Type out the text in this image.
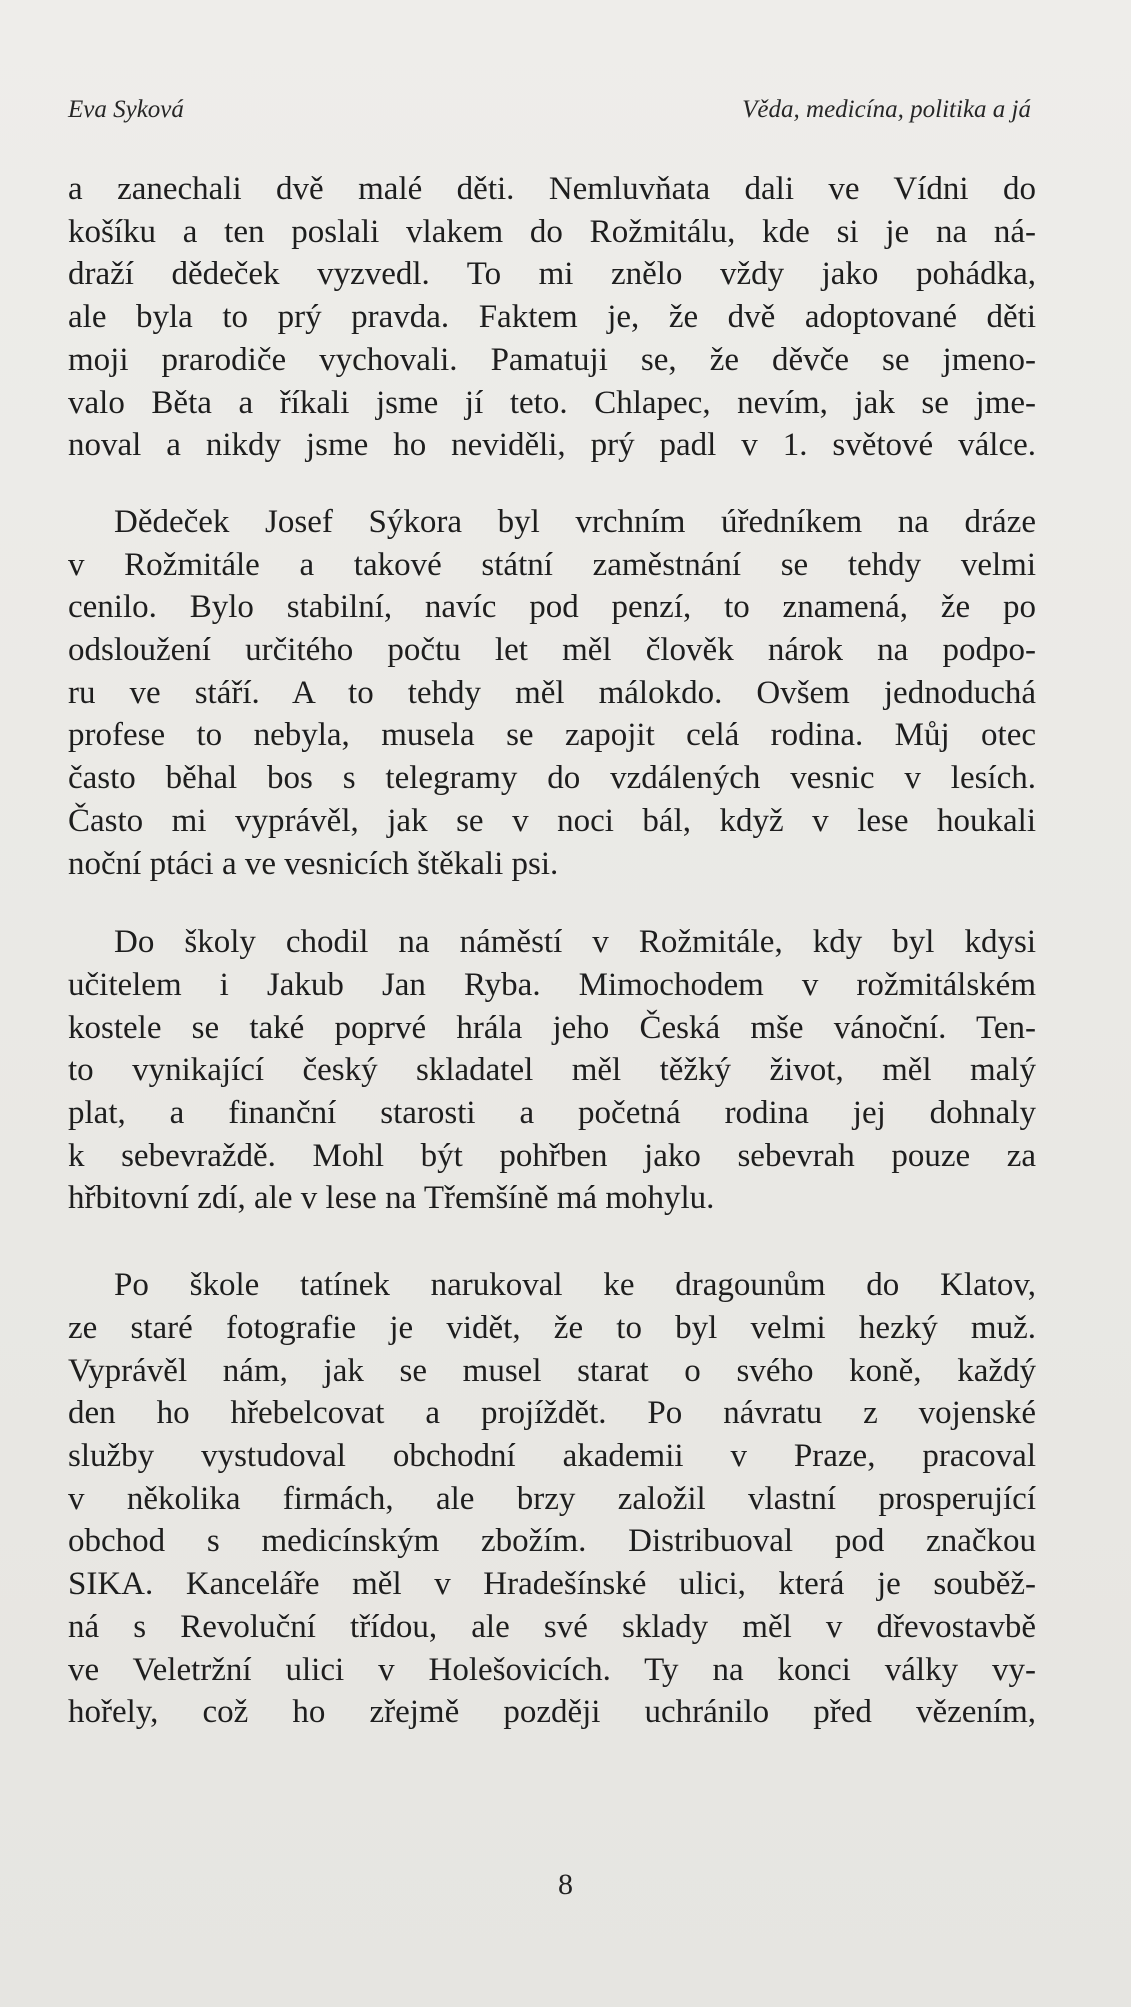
Eva Syková	Věda, medicína, politika a já

a zanechali dvě malé děti. Nemluvňata dali ve Vídni do
košíku a ten poslali vlakem do Rožmitálu, kde si je na ná-
draží dědeček vyzvedl. To mi znělo vždy jako pohádka,
ale byla to prý pravda. Faktem je, že dvě adoptované děti
moji prarodiče vychovali. Pamatuji se, že děvče se jmeno-
valo Běta a říkali jsme jí teto. Chlapec, nevím, jak se jme-
noval a nikdy jsme ho neviděli, prý padl v 1. světové válce.

Dědeček Josef Sýkora byl vrchním úředníkem na dráze
v Rožmitále a takové státní zaměstnání se tehdy velmi
cenilo. Bylo stabilní, navíc pod penzí, to znamená, že po
odsloužení určitého počtu let měl člověk nárok na podpo-
ru ve stáří. A to tehdy měl málokdo. Ovšem jednoduchá
profese to nebyla, musela se zapojit celá rodina. Můj otec
často běhal bos s telegramy do vzdálených vesnic v lesích.
Často mi vyprávěl, jak se v noci bál, když v lese houkali
noční ptáci a ve vesnicích štěkali psi.

Do školy chodil na náměstí v Rožmitále, kdy byl kdysi
učitelem i Jakub Jan Ryba. Mimochodem v rožmitálském
kostele se také poprvé hrála jeho Česká mše vánoční. Ten-
to vynikající český skladatel měl těžký život, měl malý
plat, a finanční starosti a početná rodina jej dohnaly
k sebevraždě. Mohl být pohřben jako sebevrah pouze za
hřbitovní zdí, ale v lese na Třemšíně má mohylu.

Po škole tatínek narukoval ke dragounům do Klatov,
ze staré fotografie je vidět, že to byl velmi hezký muž.
Vyprávěl nám, jak se musel starat o svého koně, každý
den ho hřebelcovat a projíždět. Po návratu z vojenské
služby vystudoval obchodní akademii v Praze, pracoval
v několika firmách, ale brzy založil vlastní prosperující
obchod s medicínským zbožím. Distribuoval pod značkou
SIKA. Kanceláře měl v Hradešínské ulici, která je souběž-
ná s Revoluční třídou, ale své sklady měl v dřevostavbě
ve Veletržní ulici v Holešovicích. Ty na konci války vy-
hořely, což ho zřejmě později uchránilo před vězením,

8
